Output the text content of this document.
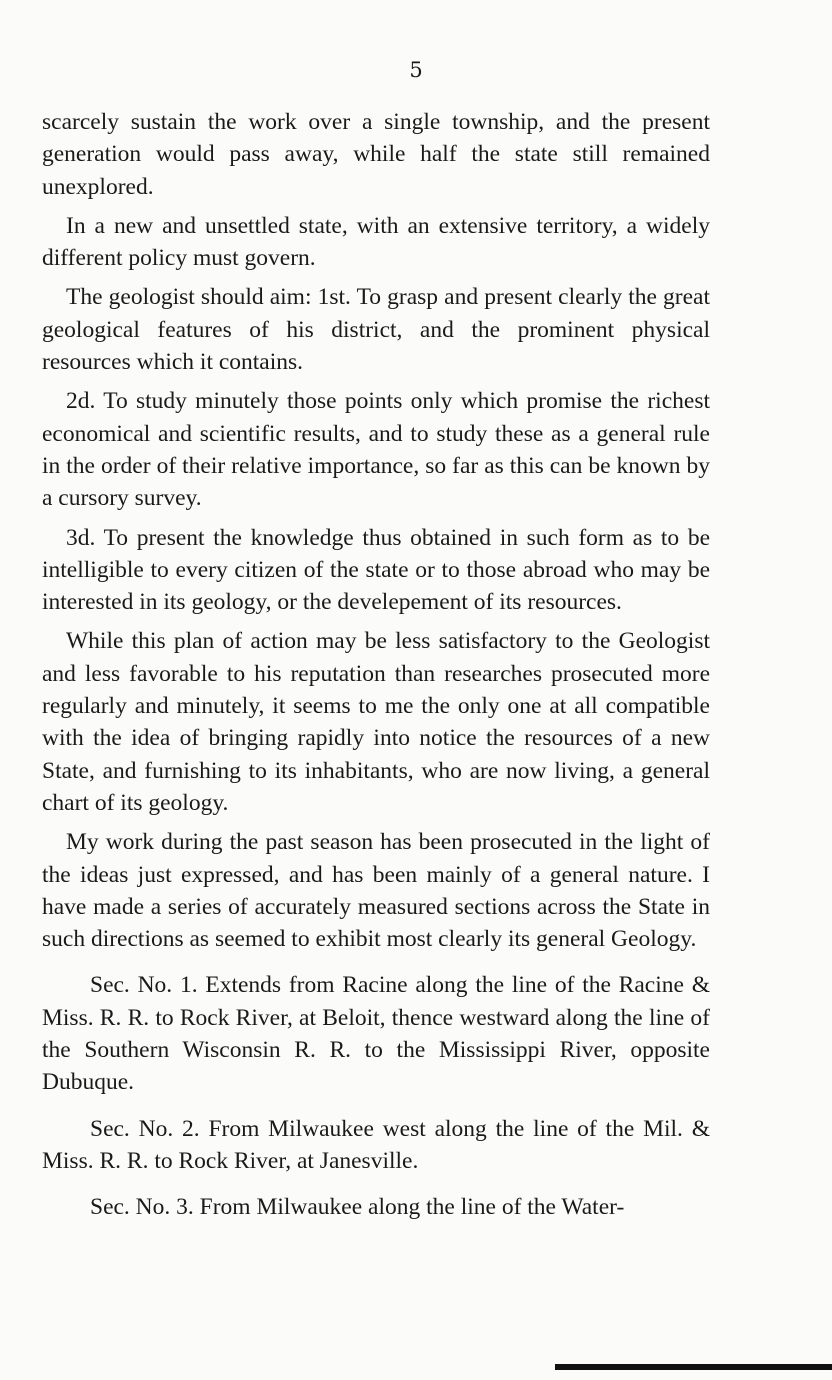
5

scarcely sustain the work over a single township, and the present generation would pass away, while half the state still remained unexplored.

In a new and unsettled state, with an extensive territory, a widely different policy must govern.

The geologist should aim: 1st. To grasp and present clearly the great geological features of his district, and the prominent physical resources which it contains.

2d. To study minutely those points only which promise the richest economical and scientific results, and to study these as a general rule in the order of their relative importance, so far as this can be known by a cursory survey.

3d. To present the knowledge thus obtained in such form as to be intelligible to every citizen of the state or to those abroad who may be interested in its geology, or the develepement of its resources.

While this plan of action may be less satisfactory to the Geologist and less favorable to his reputation than researches prosecuted more regularly and minutely, it seems to me the only one at all compatible with the idea of bringing rapidly into notice the resources of a new State, and furnishing to its inhabitants, who are now living, a general chart of its geology.

My work during the past season has been prosecuted in the light of the ideas just expressed, and has been mainly of a general nature. I have made a series of accurately measured sections across the State in such directions as seemed to exhibit most clearly its general Geology.

Sec. No. 1. Extends from Racine along the line of the Racine & Miss. R. R. to Rock River, at Beloit, thence westward along the line of the Southern Wisconsin R. R. to the Mississippi River, opposite Dubuque.

Sec. No. 2. From Milwaukee west along the line of the Mil. & Miss. R. R. to Rock River, at Janesville.

Sec. No. 3. From Milwaukee along the line of the Water-
